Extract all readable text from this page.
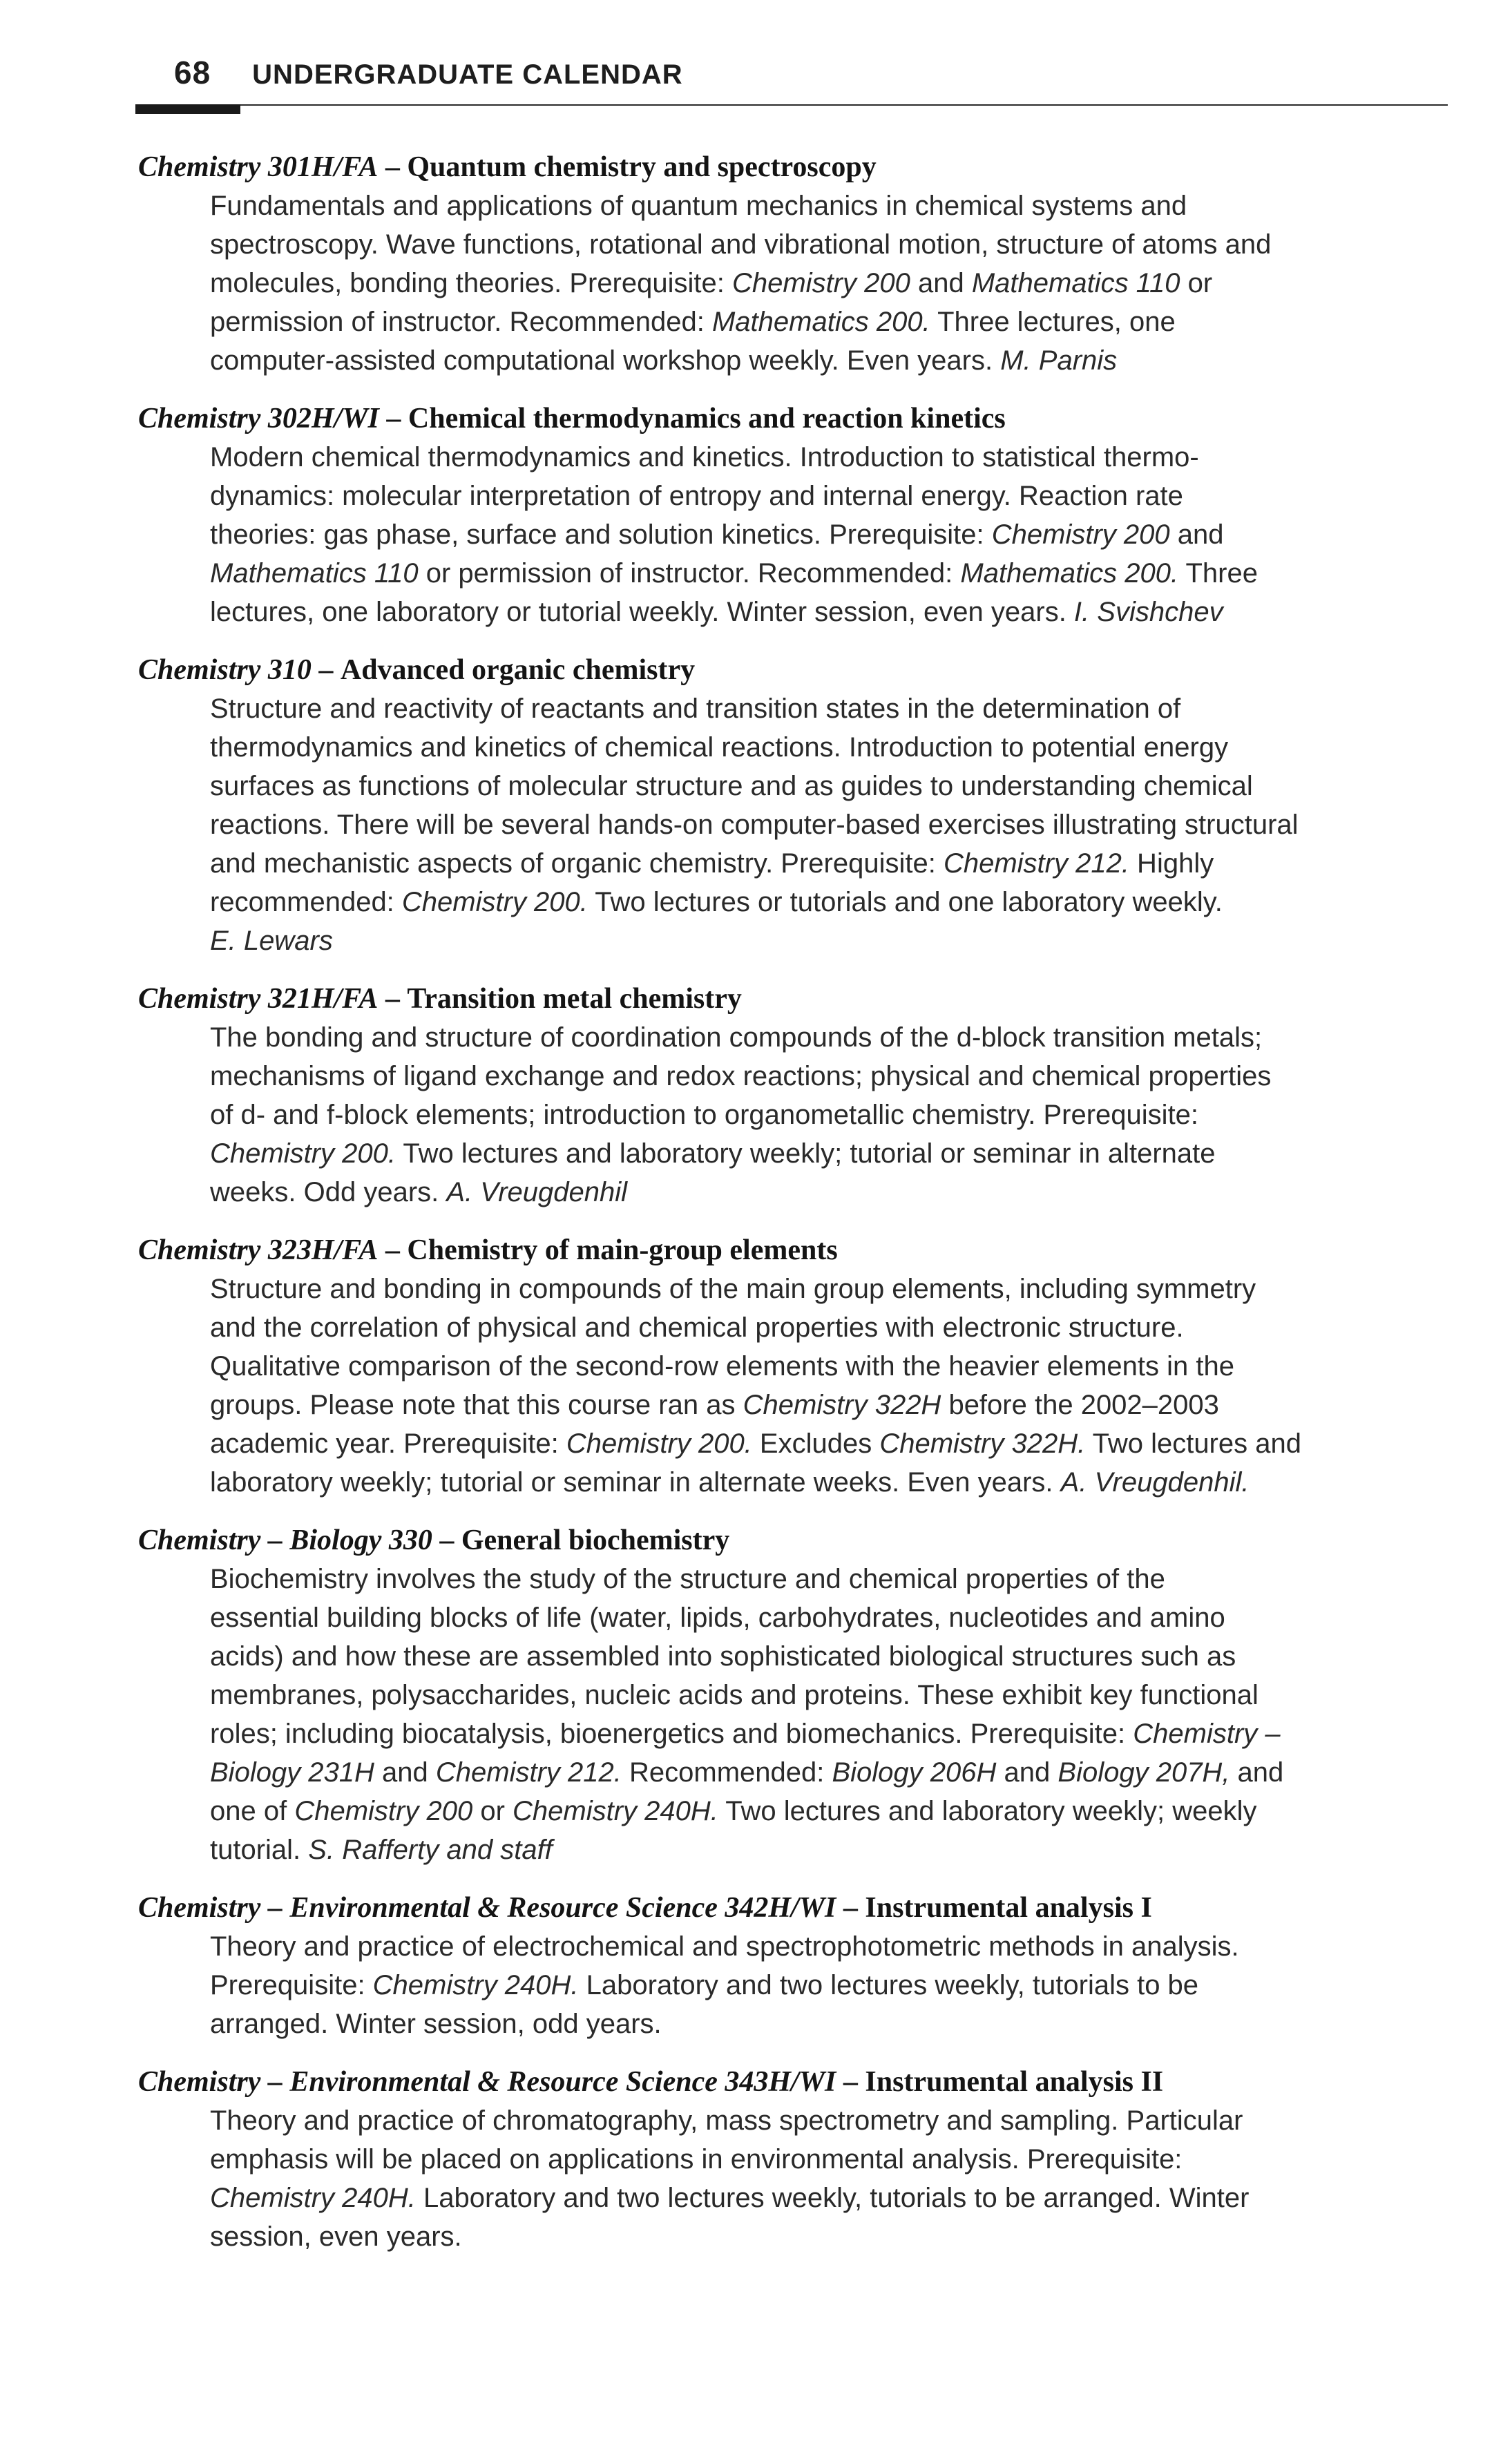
68 UNDERGRADUATE CALENDAR
Chemistry 301H/FA – Quantum chemistry and spectroscopy
Fundamentals and applications of quantum mechanics in chemical systems and
spectroscopy. Wave functions, rotational and vibrational motion, structure of atoms and
molecules, bonding theories. Prerequisite: Chemistry 200 and Mathematics 110 or
permission of instructor. Recommended: Mathematics 200. Three lectures, one
computer-assisted computational workshop weekly. Even years. M. Parnis
Chemistry 302H/WI – Chemical thermodynamics and reaction kinetics
Modern chemical thermodynamics and kinetics. Introduction to statistical thermo-
dynamics: molecular interpretation of entropy and internal energy. Reaction rate
theories: gas phase, surface and solution kinetics. Prerequisite: Chemistry 200 and
Mathematics 110 or permission of instructor. Recommended: Mathematics 200. Three
lectures, one laboratory or tutorial weekly. Winter session, even years. I. Svishchev
Chemistry 310 – Advanced organic chemistry
Structure and reactivity of reactants and transition states in the determination of
thermodynamics and kinetics of chemical reactions. Introduction to potential energy
surfaces as functions of molecular structure and as guides to understanding chemical
reactions. There will be several hands-on computer-based exercises illustrating structural
and mechanistic aspects of organic chemistry. Prerequisite: Chemistry 212. Highly
recommended: Chemistry 200. Two lectures or tutorials and one laboratory weekly.
E. Lewars
Chemistry 321H/FA – Transition metal chemistry
The bonding and structure of coordination compounds of the d-block transition metals;
mechanisms of ligand exchange and redox reactions; physical and chemical properties
of d- and f-block elements; introduction to organometallic chemistry. Prerequisite:
Chemistry 200. Two lectures and laboratory weekly; tutorial or seminar in alternate
weeks. Odd years. A. Vreugdenhil
Chemistry 323H/FA – Chemistry of main-group elements
Structure and bonding in compounds of the main group elements, including symmetry
and the correlation of physical and chemical properties with electronic structure.
Qualitative comparison of the second-row elements with the heavier elements in the
groups. Please note that this course ran as Chemistry 322H before the 2002–2003
academic year. Prerequisite: Chemistry 200. Excludes Chemistry 322H. Two lectures and
laboratory weekly; tutorial or seminar in alternate weeks. Even years. A. Vreugdenhil.
Chemistry – Biology 330 – General biochemistry
Biochemistry involves the study of the structure and chemical properties of the
essential building blocks of life (water, lipids, carbohydrates, nucleotides and amino
acids) and how these are assembled into sophisticated biological structures such as
membranes, polysaccharides, nucleic acids and proteins. These exhibit key functional
roles; including biocatalysis, bioenergetics and biomechanics. Prerequisite: Chemistry –
Biology 231H and Chemistry 212. Recommended: Biology 206H and Biology 207H, and
one of Chemistry 200 or Chemistry 240H. Two lectures and laboratory weekly; weekly
tutorial. S. Rafferty and staff
Chemistry – Environmental & Resource Science 342H/WI – Instrumental analysis I
Theory and practice of electrochemical and spectrophotometric methods in analysis.
Prerequisite: Chemistry 240H. Laboratory and two lectures weekly, tutorials to be
arranged. Winter session, odd years.
Chemistry – Environmental & Resource Science 343H/WI – Instrumental analysis II
Theory and practice of chromatography, mass spectrometry and sampling. Particular
emphasis will be placed on applications in environmental analysis. Prerequisite:
Chemistry 240H. Laboratory and two lectures weekly, tutorials to be arranged. Winter
session, even years.
